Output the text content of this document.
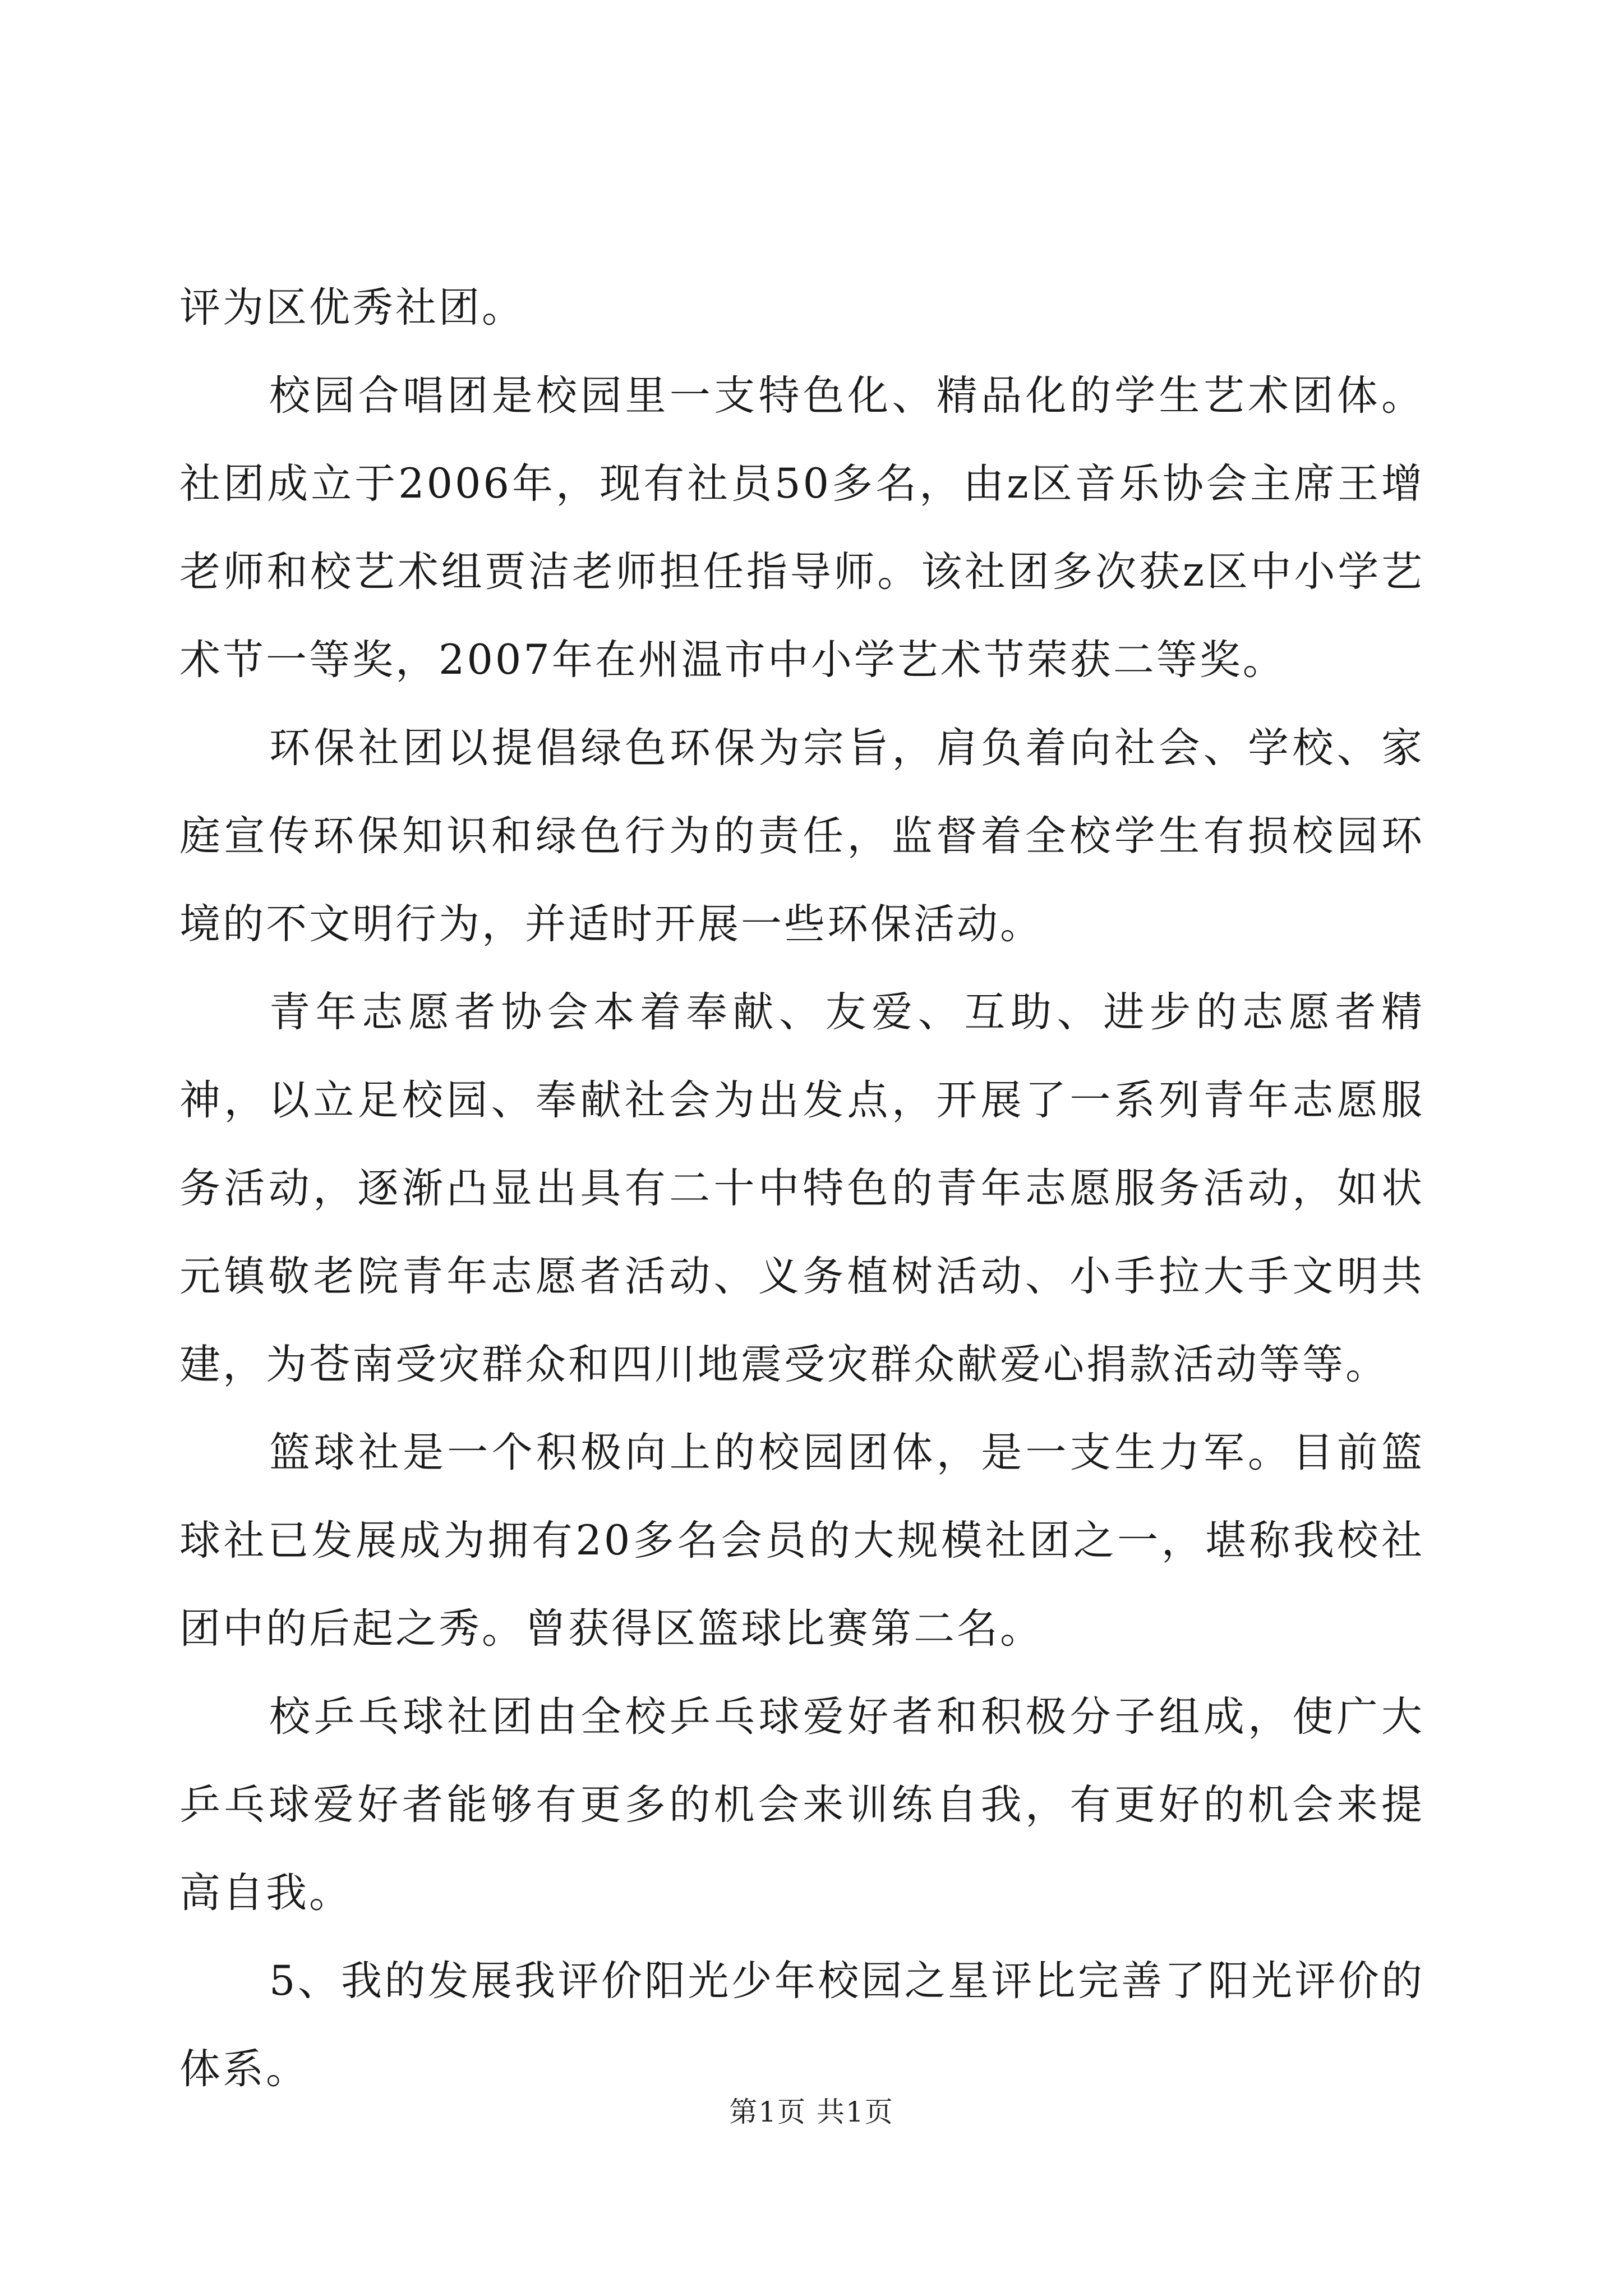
评为区优秀社团。

校园合唱团是校园里一支特色化、精品化的学生艺术团体。社团成立于2006年，现有社员50多名，由z区音乐协会主席王增老师和校艺术组贾洁老师担任指导师。该社团多次获z区中小学艺术节一等奖，2007年在州温市中小学艺术节荣获二等奖。

环保社团以提倡绿色环保为宗旨，肩负着向社会、学校、家庭宣传环保知识和绿色行为的责任，监督着全校学生有损校园环境的不文明行为，并适时开展一些环保活动。

青年志愿者协会本着奉献、友爱、互助、进步的志愿者精神，以立足校园、奉献社会为出发点，开展了一系列青年志愿服务活动，逐渐凸显出具有二十中特色的青年志愿服务活动，如状元镇敬老院青年志愿者活动、义务植树活动、小手拉大手文明共建，为苍南受灾群众和四川地震受灾群众献爱心捐款活动等等。

篮球社是一个积极向上的校园团体，是一支生力军。目前篮球社已发展成为拥有20多名会员的大规模社团之一，堪称我校社团中的后起之秀。曾获得区篮球比赛第二名。

校乒乓球社团由全校乒乓球爱好者和积极分子组成，使广大乒乓球爱好者能够有更多的机会来训练自我，有更好的机会来提高自我。

5、我的发展我评价阳光少年校园之星评比完善了阳光评价的体系。

第1页 共1页
